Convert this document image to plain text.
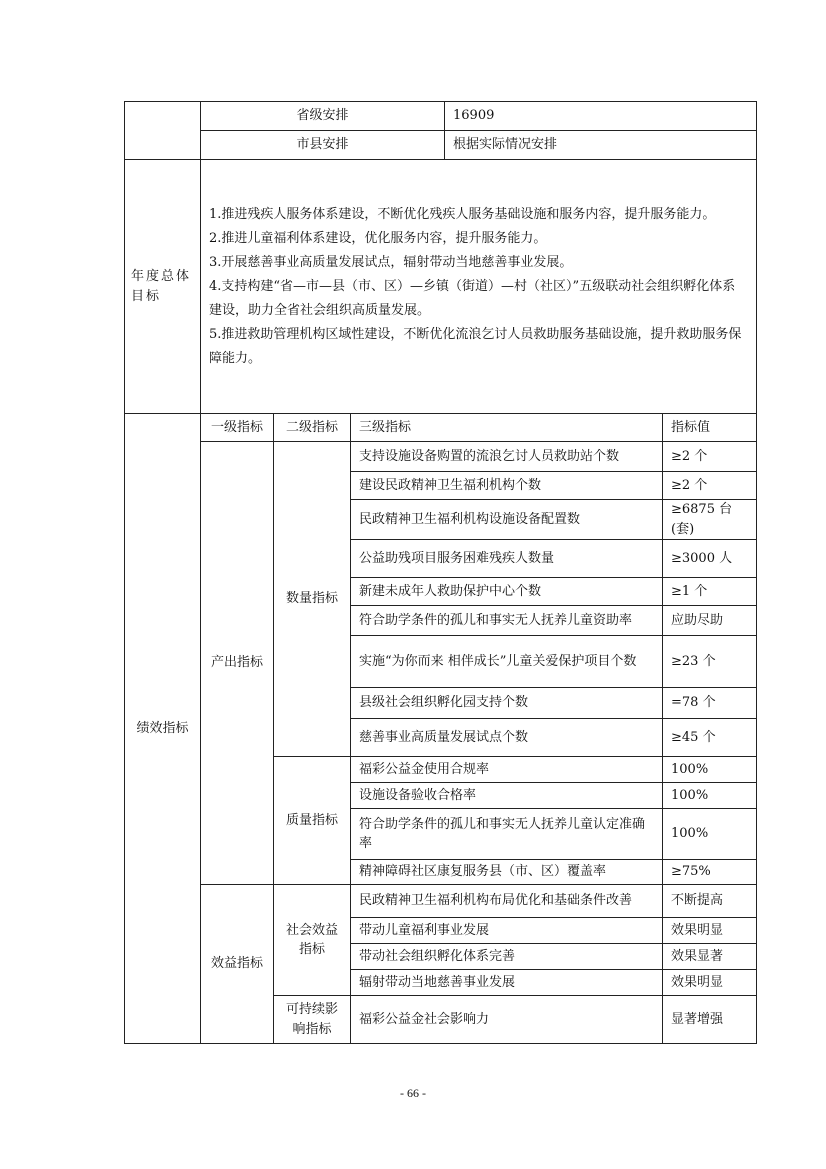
	省级安排			16909	
	市县安排			根据实际情况安排	
年度总体目标	1.推进残疾人服务体系建设，不断优化残疾人服务基础设施和服务内容，提升服务能力。
2.推进儿童福利体系建设，优化服务内容，提升服务能力。
3.开展慈善事业高质量发展试点，辐射带动当地慈善事业发展。
4.支持构建“省—市—县（市、区）—乡镇（街道）—村（社区）”五级联动社会组织孵化体系建设，助力全省社会组织高质量发展。
5.推进救助管理机构区域性建设，不断优化流浪乞讨人员救助服务基础设施，提升救助服务保障能力。				

绩效指标	一级指标	二级指标	三级指标		指标值
	产出指标	数量指标	支持设施设备购置的流浪乞讨人员救助站个数		≥2 个
			建设民政精神卫生福利机构个数		≥2 个
			民政精神卫生福利机构设施设备配置数		≥6875 台(套)
			公益助残项目服务困难残疾人数量		≥3000 人
			新建未成年人救助保护中心个数		≥1 个
			符合助学条件的孤儿和事实无人抚养儿童资助率		应助尽助
			实施“为你而来 相伴成长”儿童关爱保护项目个数		≥23 个
			县级社会组织孵化园支持个数		=78 个
			慈善事业高质量发展试点个数		≥45 个
		质量指标	福彩公益金使用合规率		100%
			设施设备验收合格率		100%
			符合助学条件的孤儿和事实无人抚养儿童认定准确率		100%
			精神障碍社区康复服务县（市、区）覆盖率		≥75%
	效益指标	社会效益指标	民政精神卫生福利机构布局优化和基础条件改善		不断提高
			带动儿童福利事业发展		效果明显
			带动社会组织孵化体系完善		效果显著
			辐射带动当地慈善事业发展		效果明显
		可持续影响指标	福彩公益金社会影响力		显著增强
- 66 -
